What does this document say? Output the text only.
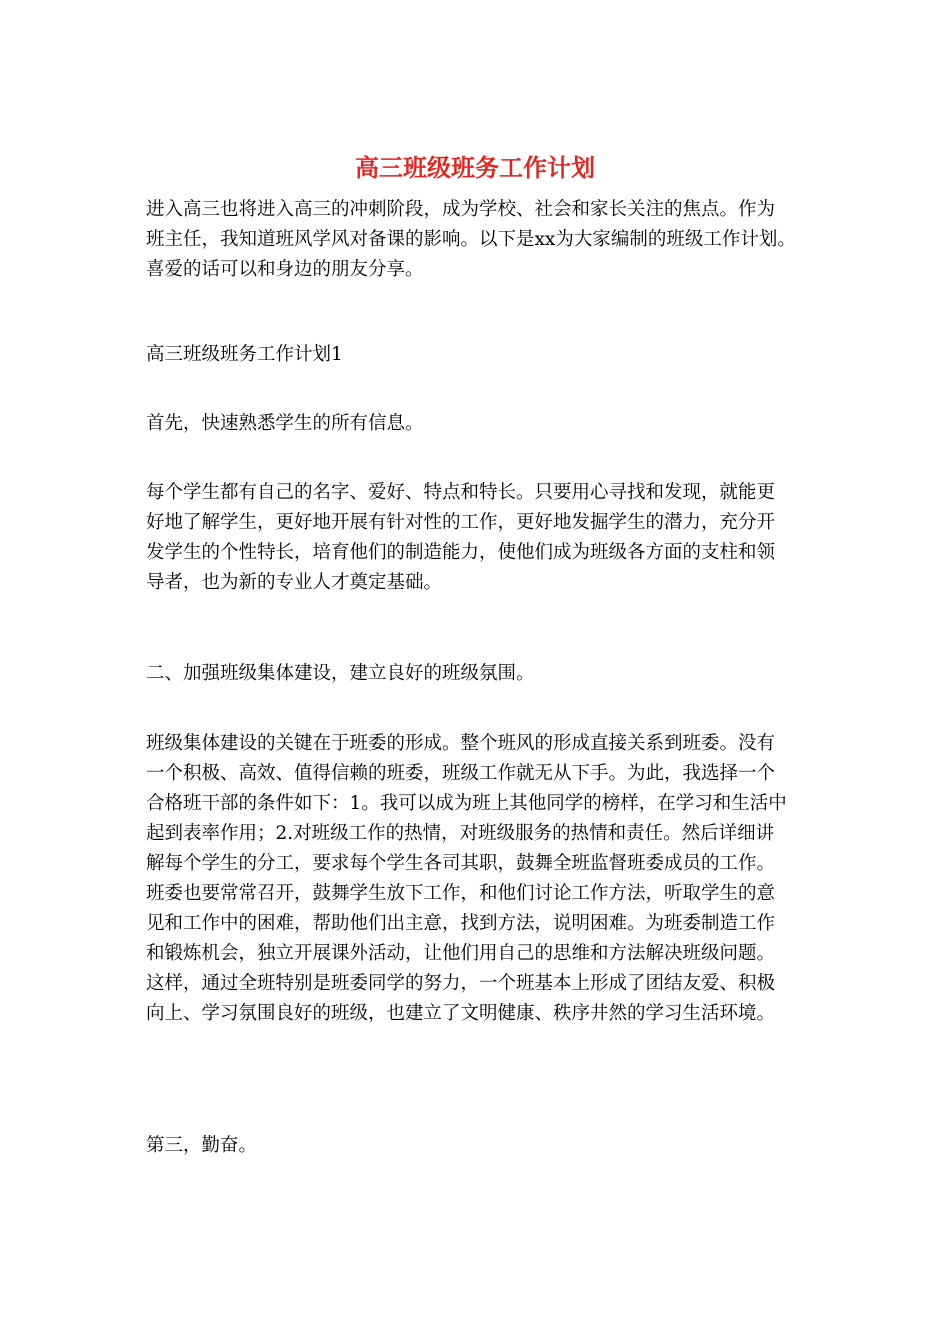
高三班级班务工作计划
进入高三也将进入高三的冲刺阶段，成为学校、社会和家长关注的焦点。作为
班主任，我知道班风学风对备课的影响。以下是xx为大家编制的班级工作计划。
喜爱的话可以和身边的朋友分享。
高三班级班务工作计划1
首先，快速熟悉学生的所有信息。
每个学生都有自己的名字、爱好、特点和特长。只要用心寻找和发现，就能更
好地了解学生，更好地开展有针对性的工作，更好地发掘学生的潜力，充分开
发学生的个性特长，培育他们的制造能力，使他们成为班级各方面的支柱和领
导者，也为新的专业人才奠定基础。
二、加强班级集体建设，建立良好的班级氛围。
班级集体建设的关键在于班委的形成。整个班风的形成直接关系到班委。没有
一个积极、高效、值得信赖的班委，班级工作就无从下手。为此，我选择一个
合格班干部的条件如下：1。我可以成为班上其他同学的榜样，在学习和生活中
起到表率作用；2.对班级工作的热情，对班级服务的热情和责任。然后详细讲
解每个学生的分工，要求每个学生各司其职，鼓舞全班监督班委成员的工作。
班委也要常常召开，鼓舞学生放下工作，和他们讨论工作方法，听取学生的意
见和工作中的困难，帮助他们出主意，找到方法，说明困难。为班委制造工作
和锻炼机会，独立开展课外活动，让他们用自己的思维和方法解决班级问题。
这样，通过全班特别是班委同学的努力，一个班基本上形成了团结友爱、积极
向上、学习氛围良好的班级，也建立了文明健康、秩序井然的学习生活环境。
第三，勤奋。
